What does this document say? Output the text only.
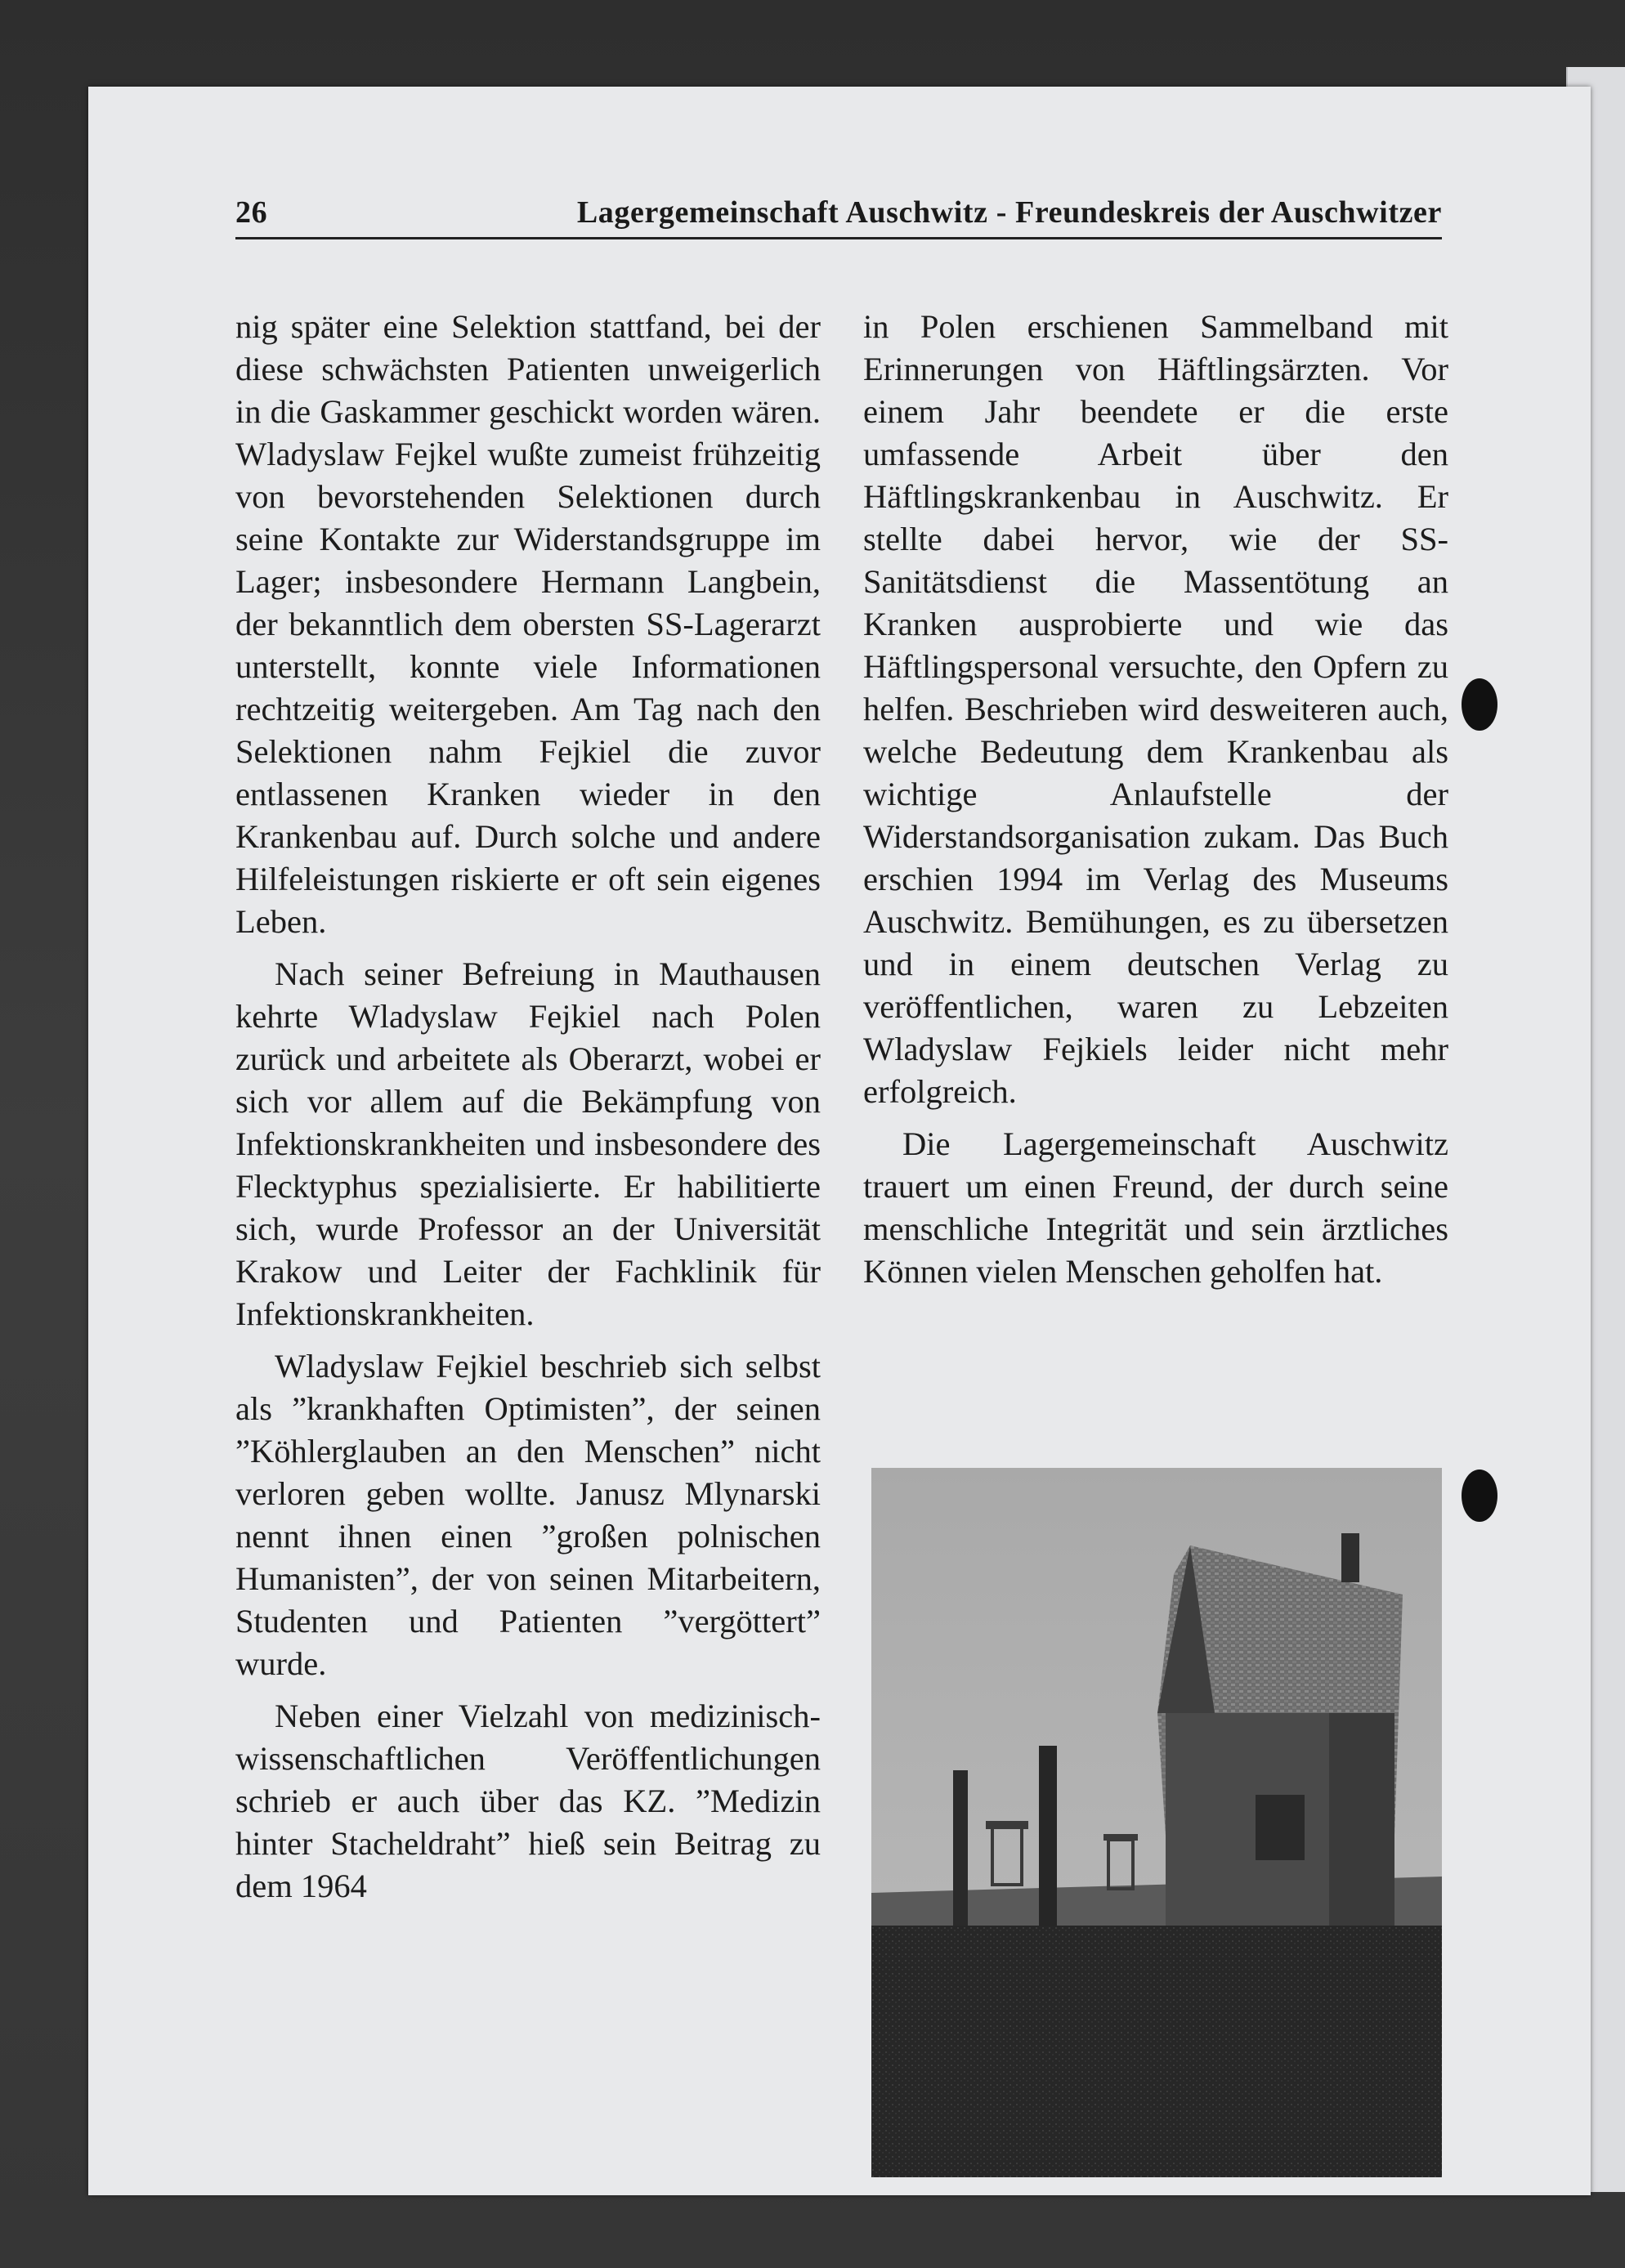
26	Lagergemeinschaft Auschwitz - Freundeskreis der Auschwitzer

nig später eine Selektion stattfand, bei der diese schwächsten Patienten unweigerlich in die Gaskammer geschickt worden wären. Wladyslaw Fejkel wußte zumeist frühzeitig von bevorstehenden Selektionen durch seine Kontakte zur Widerstandsgruppe im Lager; insbesondere Hermann Langbein, der bekanntlich dem obersten SS-Lagerarzt unterstellt, konnte viele Informationen rechtzeitig weitergeben. Am Tag nach den Selektionen nahm Fejkiel die zuvor entlassenen Kranken wieder in den Krankenbau auf. Durch solche und andere Hilfeleistungen riskierte er oft sein eigenes Leben.

Nach seiner Befreiung in Mauthausen kehrte Wladyslaw Fejkiel nach Polen zurück und arbeitete als Oberarzt, wobei er sich vor allem auf die Bekämpfung von Infektionskrankheiten und insbesondere des Flecktyphus spezialisierte. Er habilitierte sich, wurde Professor an der Universität Krakow und Leiter der Fachklinik für Infektionskrankheiten.

Wladyslaw Fejkiel beschrieb sich selbst als ”krankhaften Optimisten”, der seinen ”Köhlerglauben an den Menschen” nicht verloren geben wollte. Janusz Mlynarski nennt ihnen einen ”großen polnischen Humanisten”, der von seinen Mitarbeitern, Studenten und Patienten ”vergöttert” wurde.

Neben einer Vielzahl von medizinisch-wissenschaftlichen Veröffentlichungen schrieb er auch über das KZ. ”Medizin hinter Stacheldraht” hieß sein Beitrag zu dem 1964

in Polen erschienen Sammelband mit Erinnerungen von Häftlingsärzten. Vor einem Jahr beendete er die erste umfassende Arbeit über den Häftlingskrankenbau in Auschwitz. Er stellte dabei hervor, wie der SS-Sanitätsdienst die Massentötung an Kranken ausprobierte und wie das Häftlingspersonal versuchte, den Opfern zu helfen. Beschrieben wird desweiteren auch, welche Bedeutung dem Krankenbau als wichtige Anlaufstelle der Widerstandsorganisation zukam. Das Buch erschien 1994 im Verlag des Museums Auschwitz. Bemühungen, es zu übersetzen und in einem deutschen Verlag zu veröffentlichen, waren zu Lebzeiten Wladyslaw Fejkiels leider nicht mehr erfolgreich.

Die Lagergemeinschaft Auschwitz trauert um einen Freund, der durch seine menschliche Integrität und sein ärztliches Können vielen Menschen geholfen hat.
